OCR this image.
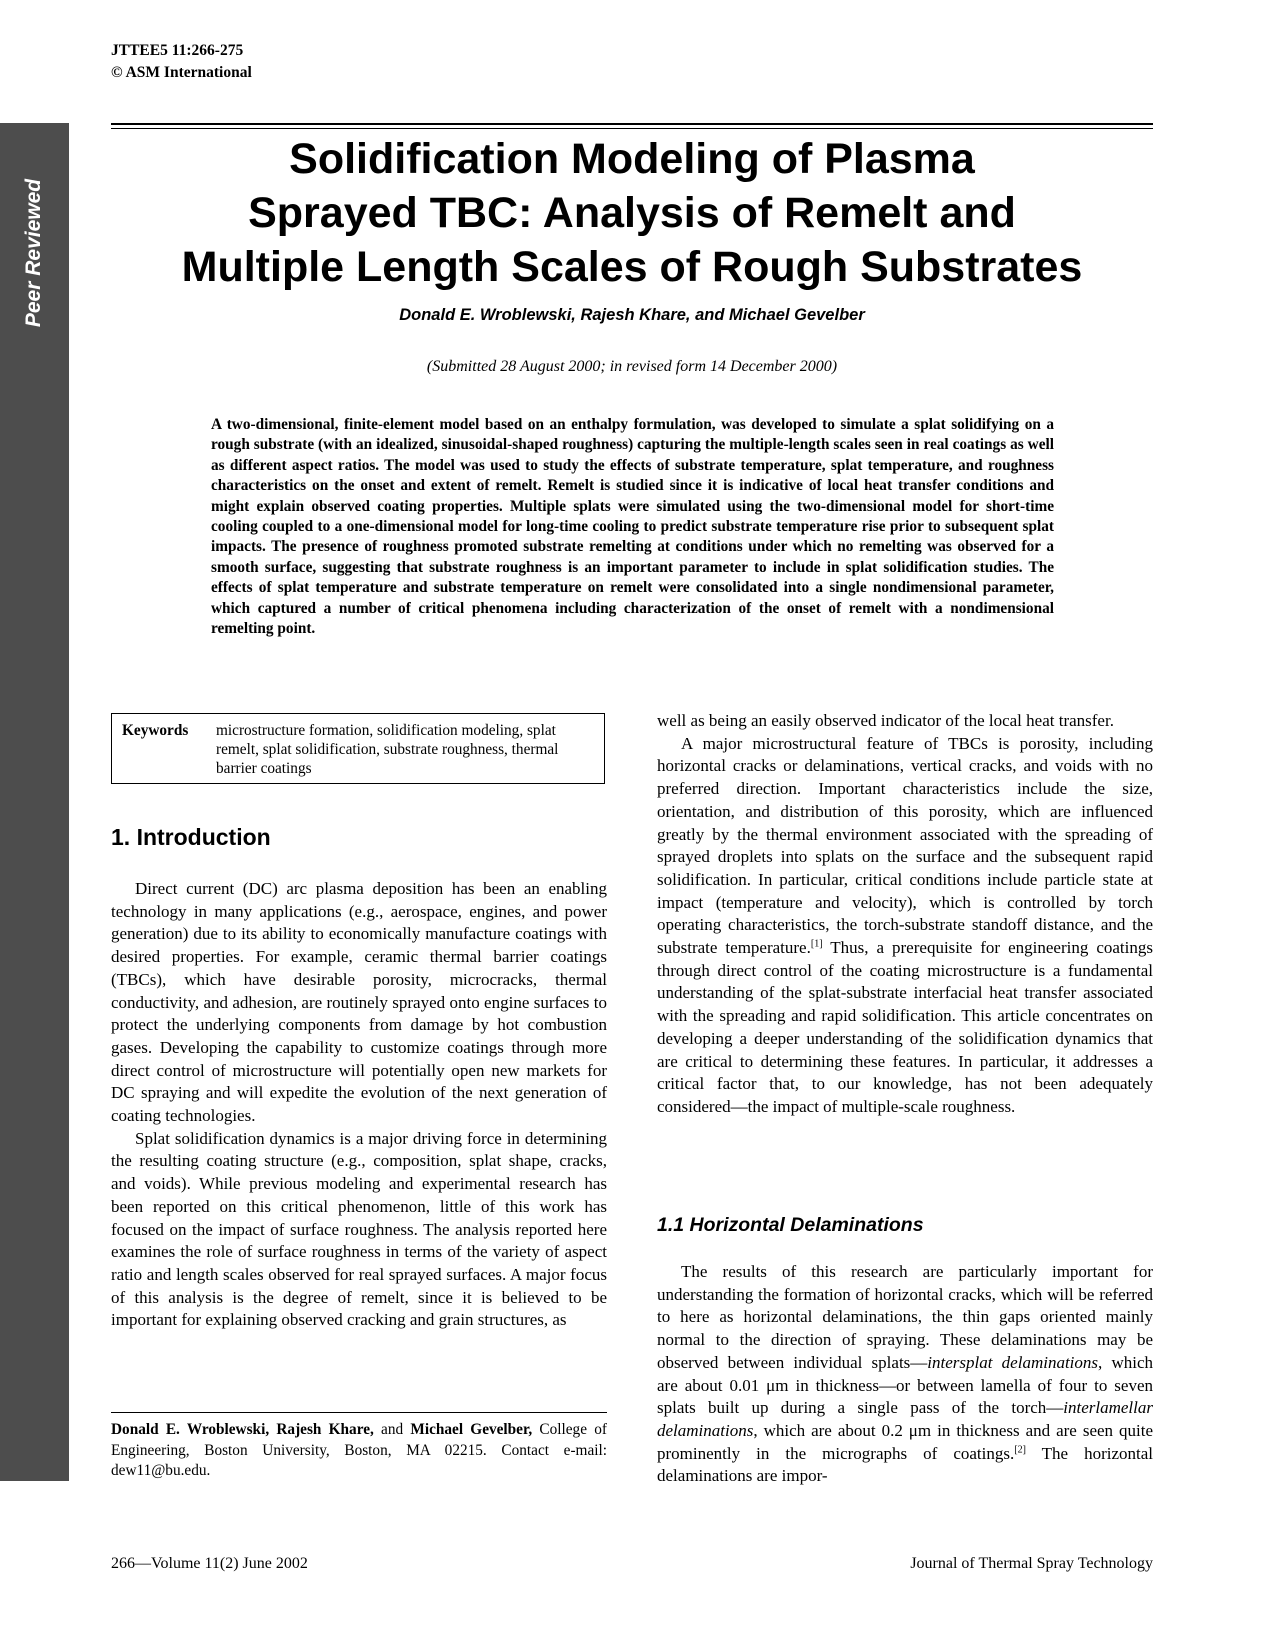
JTTEE5 11:266-275
© ASM International
Peer Reviewed
Solidification Modeling of Plasma
Sprayed TBC: Analysis of Remelt and
Multiple Length Scales of Rough Substrates
Donald E. Wroblewski, Rajesh Khare, and Michael Gevelber
(Submitted 28 August 2000; in revised form 14 December 2000)
A two-dimensional, finite-element model based on an enthalpy formulation, was developed to simulate a splat solidifying on a rough substrate (with an idealized, sinusoidal-shaped roughness) capturing the multiple-length scales seen in real coatings as well as different aspect ratios. The model was used to study the effects of substrate temperature, splat temperature, and roughness characteristics on the onset and extent of remelt. Remelt is studied since it is indicative of local heat transfer conditions and might explain observed coating properties. Multiple splats were simulated using the two-dimensional model for short-time cooling coupled to a one-dimensional model for long-time cooling to predict substrate temperature rise prior to subsequent splat impacts. The presence of roughness promoted substrate remelting at conditions under which no remelting was observed for a smooth surface, suggesting that substrate roughness is an important parameter to include in splat solidification studies. The effects of splat temperature and substrate temperature on remelt were consolidated into a single nondimensional parameter, which captured a number of critical phenomena including characterization of the onset of remelt with a nondimensional remelting point.
Keywords microstructure formation, solidification modeling, splat remelt, splat solidification, substrate roughness, thermal barrier coatings
1. Introduction

Direct current (DC) arc plasma deposition has been an enabling technology in many applications (e.g., aerospace, engines, and power generation) due to its ability to economically manufacture coatings with desired properties. For example, ceramic thermal barrier coatings (TBCs), which have desirable porosity, microcracks, thermal conductivity, and adhesion, are routinely sprayed onto engine surfaces to protect the underlying components from damage by hot combustion gases. Developing the capability to customize coatings through more direct control of microstructure will potentially open new markets for DC spraying and will expedite the evolution of the next generation of coating technologies.

Splat solidification dynamics is a major driving force in determining the resulting coating structure (e.g., composition, splat shape, cracks, and voids). While previous modeling and experimental research has been reported on this critical phenomenon, little of this work has focused on the impact of surface roughness. The analysis reported here examines the role of surface roughness in terms of the variety of aspect ratio and length scales observed for real sprayed surfaces. A major focus of this analysis is the degree of remelt, since it is believed to be important for explaining observed cracking and grain structures, as

Donald E. Wroblewski, Rajesh Khare, and Michael Gevelber, College of Engineering, Boston University, Boston, MA 02215. Contact e-mail: dew11@bu.edu.

well as being an easily observed indicator of the local heat transfer.

A major microstructural feature of TBCs is porosity, including horizontal cracks or delaminations, vertical cracks, and voids with no preferred direction. Important characteristics include the size, orientation, and distribution of this porosity, which are influenced greatly by the thermal environment associated with the spreading of sprayed droplets into splats on the surface and the subsequent rapid solidification. In particular, critical conditions include particle state at impact (temperature and velocity), which is controlled by torch operating characteristics, the torch-substrate standoff distance, and the substrate temperature.[1] Thus, a prerequisite for engineering coatings through direct control of the coating microstructure is a fundamental understanding of the splat-substrate interfacial heat transfer associated with the spreading and rapid solidification. This article concentrates on developing a deeper understanding of the solidification dynamics that are critical to determining these features. In particular, it addresses a critical factor that, to our knowledge, has not been adequately considered—the impact of multiple-scale roughness.

1.1 Horizontal Delaminations

The results of this research are particularly important for understanding the formation of horizontal cracks, which will be referred to here as horizontal delaminations, the thin gaps oriented mainly normal to the direction of spraying. These delaminations may be observed between individual splats—intersplat delaminations, which are about 0.01 μm in thickness—or between lamella of four to seven splats built up during a single pass of the torch—interlamellar delaminations, which are about 0.2 μm in thickness and are seen quite prominently in the micrographs of coatings.[2] The horizontal delaminations are impor-

266—Volume 11(2) June 2002	Journal of Thermal Spray Technology
